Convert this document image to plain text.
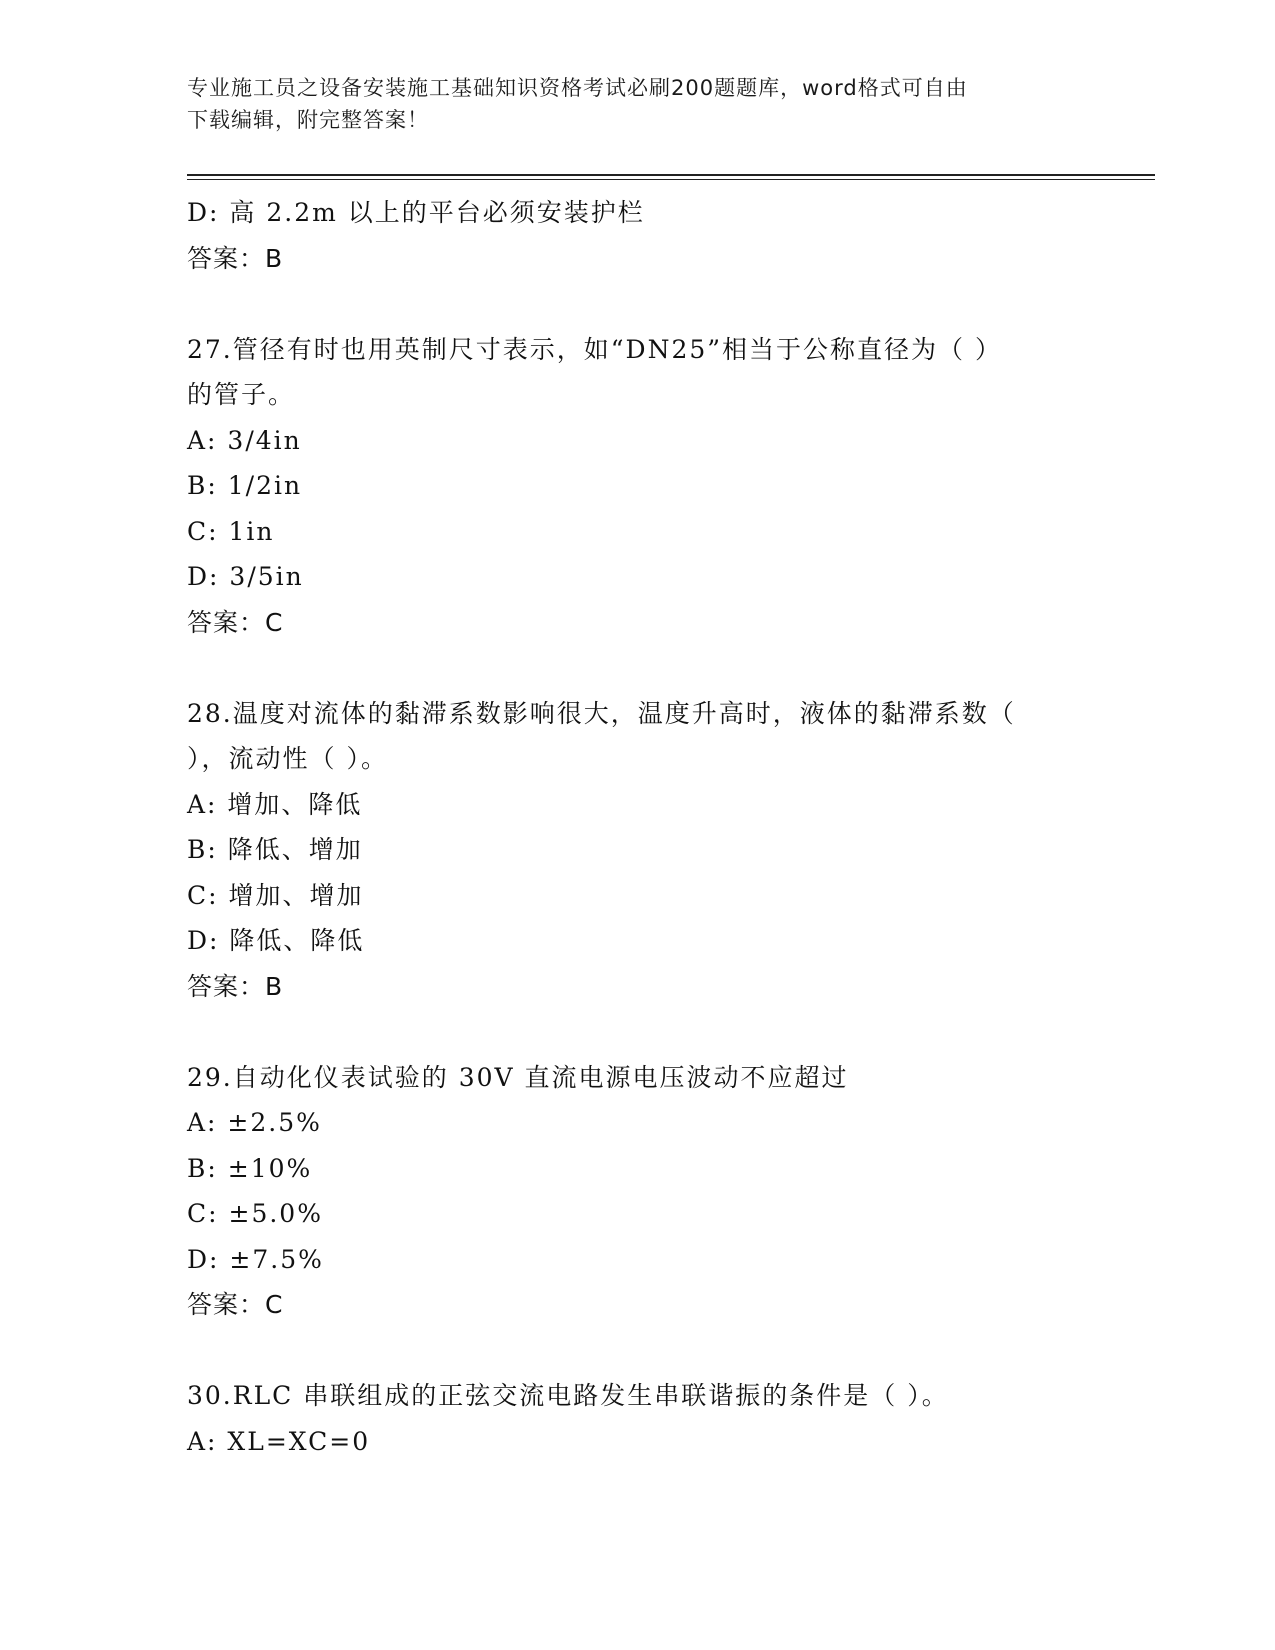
专业施工员之设备安装施工基础知识资格考试必刷200题题库，word格式可自由
下载编辑，附完整答案！
D: 高 2.2m 以上的平台必须安装护栏
答案：B
27.管径有时也用英制尺寸表示，如“DN25”相当于公称直径为（ ）
的管子。
A: 3/4in
B: 1/2in
C: 1in
D: 3/5in
答案：C
28.温度对流体的黏滞系数影响很大，温度升高时，液体的黏滞系数（
），流动性（ ）。
A: 增加、降低
B: 降低、增加
C: 增加、增加
D: 降低、降低
答案：B
29.自动化仪表试验的 30V 直流电源电压波动不应超过
A: ±2.5%
B: ±10%
C: ±5.0%
D: ±7.5%
答案：C
30.RLC 串联组成的正弦交流电路发生串联谐振的条件是（ ）。
A: XL=XC=0
